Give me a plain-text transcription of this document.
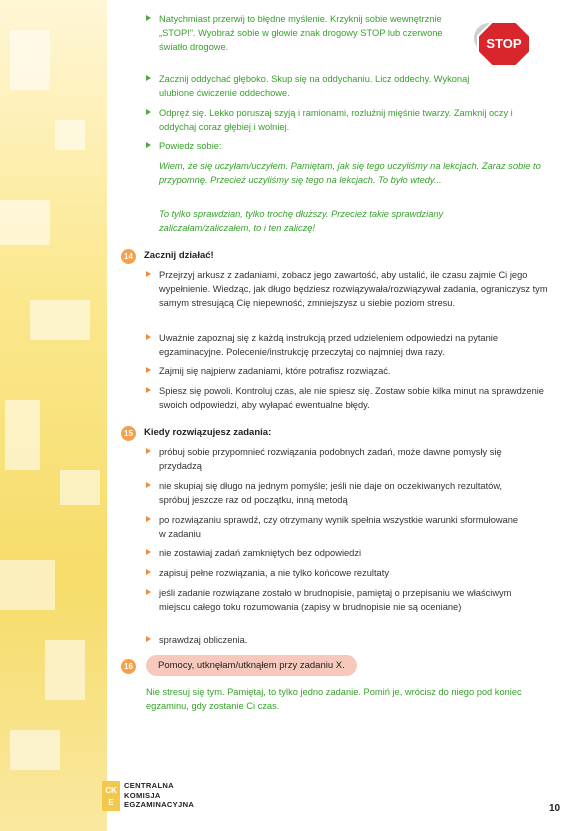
STOP
Natychmiast przerwij to błędne myślenie. Krzyknij sobie wewnętrznie „STOP!”. Wyobraź sobie w głowie znak drogowy STOP lub czerwone światło drogowe.
Zacznij oddychać głęboko. Skup się na oddychaniu. Licz oddechy. Wykonaj ulubione ćwiczenie oddechowe.
Odpręż się. Lekko poruszaj szyją i ramionami, rozluźnij mięśnie twarzy. Zamknij oczy i oddychaj coraz głębiej i wolniej.
Powiedz sobie:
Wiem, że się uczyłam/uczyłem. Pamiętam, jak się tego uczyliśmy na lekcjach. Zaraz sobie to przypomnę. Przecież uczyliśmy się tego na lekcjach. To było wtedy...
To tylko sprawdzian, tylko trochę dłuższy. Przecież takie sprawdziany zaliczałam/zaliczałem, to i ten zaliczę!
14	Zacznij działać!
Przejrzyj arkusz z zadaniami, zobacz jego zawartość, aby ustalić, ile czasu zajmie Ci jego wypełnienie. Wiedząc, jak długo będziesz rozwiązywała/rozwiązywał zadania, ograniczysz tym samym stresującą Cię niepewność, zmniejszysz u siebie poziom stresu.
Uważnie zapoznaj się z każdą instrukcją przed udzieleniem odpowiedzi na pytanie egzaminacyjne. Polecenie/instrukcję przeczytaj co najmniej dwa razy.
Zajmij się najpierw zadaniami, które potrafisz rozwiązać.
Spiesz się powoli. Kontroluj czas, ale nie spiesz się. Zostaw sobie kilka minut na sprawdzenie swoich odpowiedzi, aby wyłapać ewentualne błędy.
15	Kiedy rozwiązujesz zadania:
próbuj sobie przypomnieć rozwiązania podobnych zadań, może dawne pomysły się przydadzą
nie skupiaj się długo na jednym pomyśle; jeśli nie daje on oczekiwanych rezultatów, spróbuj jeszcze raz od początku, inną metodą
po rozwiązaniu sprawdź, czy otrzymany wynik spełnia wszystkie warunki sformułowane w zadaniu
nie zostawiaj zadań zamkniętych bez odpowiedzi
zapisuj pełne rozwiązania, a nie tylko końcowe rezultaty
jeśli zadanie rozwiązane zostało w brudnopisie, pamiętaj o przepisaniu we właściwym miejscu całego toku rozumowania (zapisy w brudnopisie nie są oceniane)
sprawdzaj obliczenia.
16	Pomocy, utknęłam/utknąłem przy zadaniu X.
Nie stresuj się tym. Pamiętaj, to tylko jedno zadanie. Pomiń je, wrócisz do niego pod koniec egzaminu, gdy zostanie Ci czas.
CK
E
CENTRALNA
KOMISJA
EGZAMINACYJNA	10
